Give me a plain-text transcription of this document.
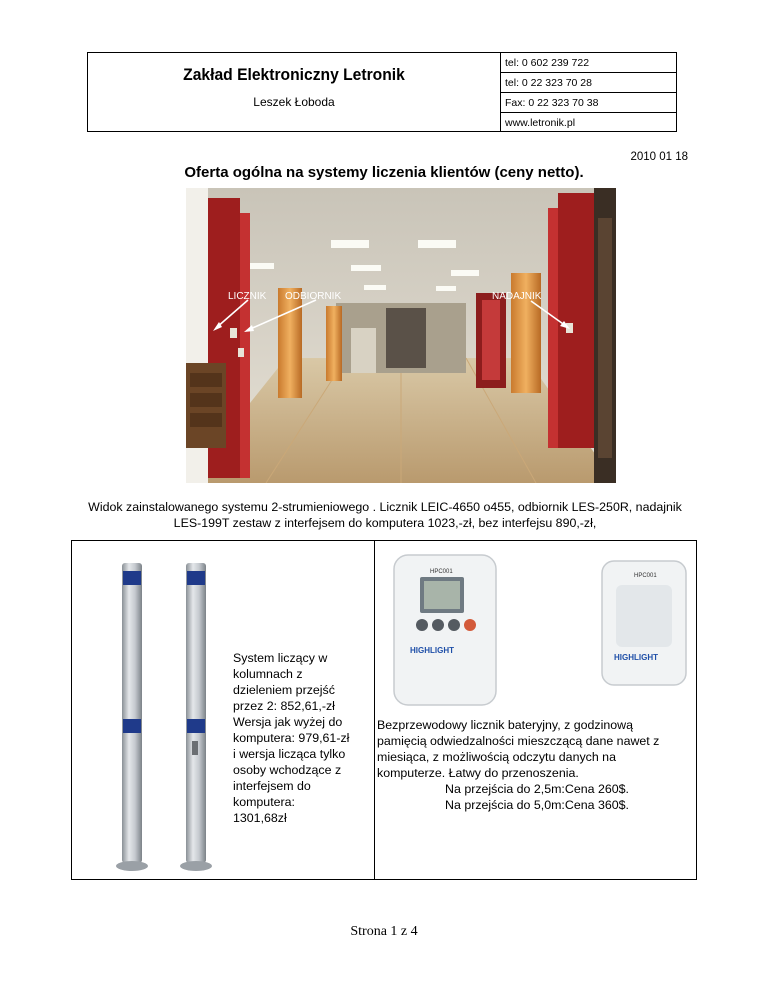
Zakład Elektroniczny Letronik
Leszek Łoboda
tel: 0 602 239 722
tel: 0 22 323 70 28
Fax: 0 22 323 70 38
www.letronik.pl
2010 01 18
Oferta ogólna na systemy liczenia klientów (ceny netto).
LICZNIK ODBIORNIK	NADAJNIK
Widok zainstalowanego systemu 2-strumieniowego . Licznik LEIC-4650 o455, odbiornik LES-250R, nadajnik
LES-199T zestaw z interfejsem do komputera 1023,-zł, bez interfejsu 890,-zł,
System liczący w
kolumnach z
dzieleniem przejść
przez 2: 852,61,-zł
Wersja jak wyżej do
komputera: 979,61-zł
i wersja licząca tylko
osoby wchodzące z
interfejsem do
komputera:
1301,68zł
HPC001
HIGHLIGHT
HPC001
HIGHLIGHT
Bezprzewodowy licznik bateryjny, z godzinową
pamięcią odwiedzalności mieszczącą dane nawet z
miesiąca, z możliwością odczytu danych na
komputerze. Łatwy do przenoszenia.
Na przejścia do 2,5m:Cena 260$.
Na przejścia do 5,0m:Cena 360$.
Strona 1 z 4
